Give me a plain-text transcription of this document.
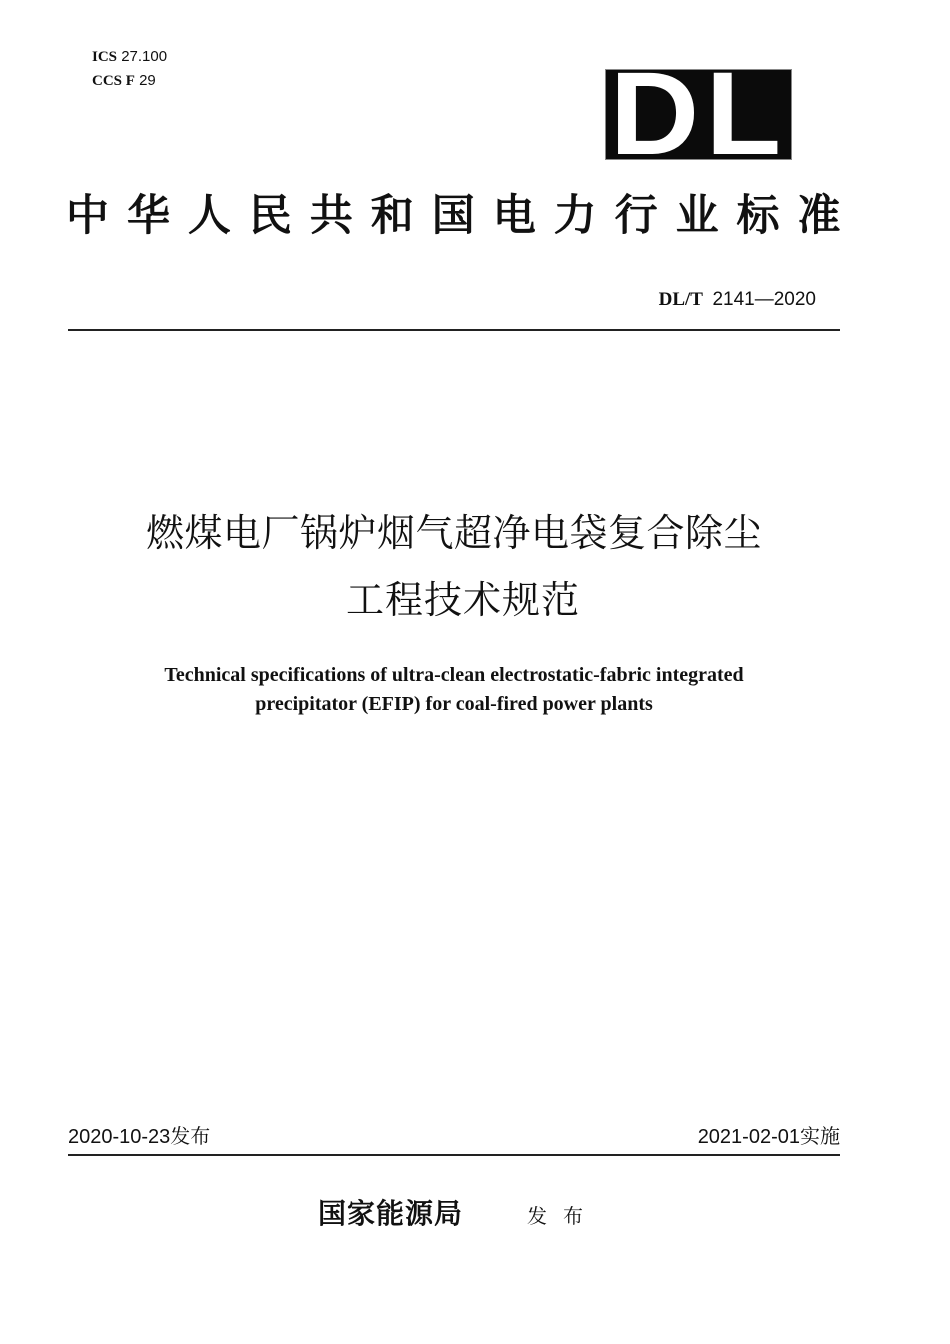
ICS 27.100
CCS F 29	DL
中华人民共和国电力行业标准
DL/T 2141—2020
燃煤电厂锅炉烟气超净电袋复合除尘
工程技术规范
Technical specifications of ultra-clean electrostatic-fabric integrated
precipitator (EFIP) for coal-fired power plants
2020-10-23发布	2021-02-01实施
国家能源局	发布
